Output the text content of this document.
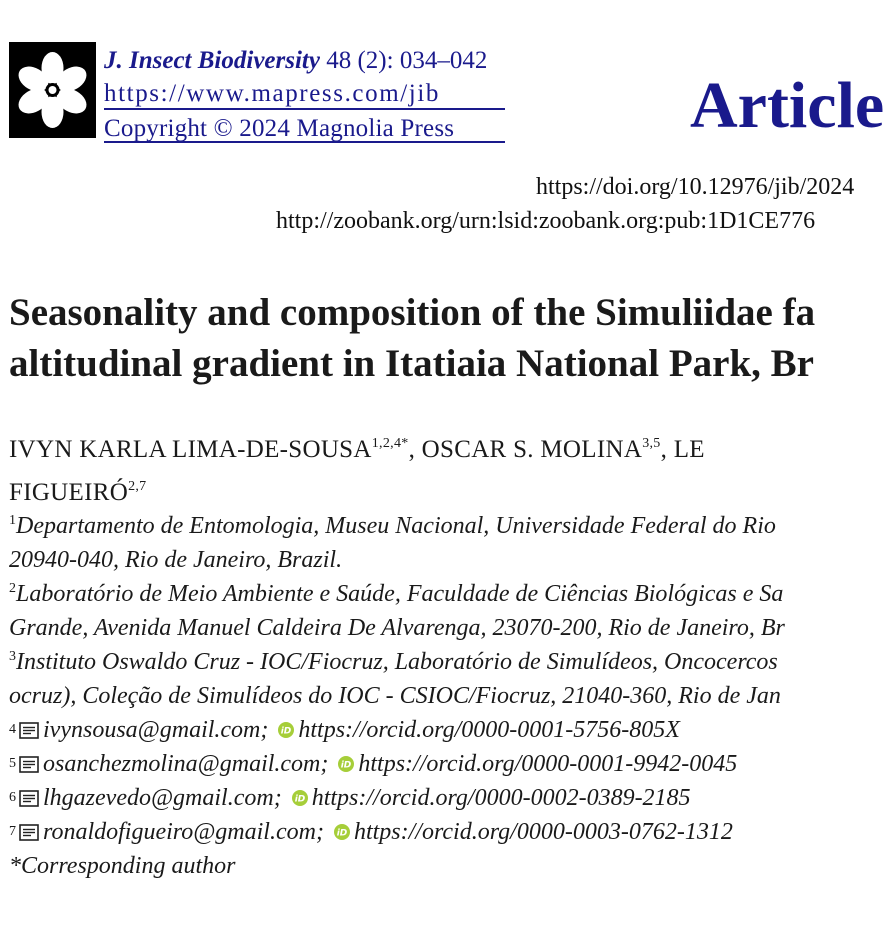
J. Insect Biodiversity 48 (2): 034–042
https://www.mapress.com/jib
Copyright © 2024 Magnolia Press	Article
https://doi.org/10.12976/jib/2024
http://zoobank.org/urn:lsid:zoobank.org:pub:1D1CE776
Seasonality and composition of the Simuliidae fa
altitudinal gradient in Itatiaia National Park, Br
IVYN KARLA LIMA-$DE-SOUSA^{1,2,4*}$, OSCAR S. MOLINA$^{3,5}$, LE
FIGUEIRÓ$^{2,7}$
$^1$Departamento de Entomologia, Museu Nacional, Universidade Federal do Rio
20940-040, Rio de Janeiro, Brazil.
$^2$Laboratório de Meio Ambiente e Saúde, Faculdade de Ciências Biológicas e Sa
Grande, Avenida Manuel Caldeira De Alvarenga, 23070-200, Rio de Janeiro, Br
$^3$Instituto Oswaldo Cruz - IOC/Fiocruz, Laboratório de Simulídeos, Oncocercos
ocruz), Coleção de Simulídeos do IOC - CSIOC/Fiocruz, 21040-360, Rio de Jan
4 ivynsousa@gmail.com; iD https://orcid.org/0000-0001-5756-805X
5 osanchezmolina@gmail.com; iD https://orcid.org/0000-0001-9942-0045
6 lhgazevedo@gmail.com; iD https://orcid.org/0000-0002-0389-2185
7 ronaldofigueiro@gmail.com; iD https://orcid.org/0000-0003-0762-1312
*Corresponding author
